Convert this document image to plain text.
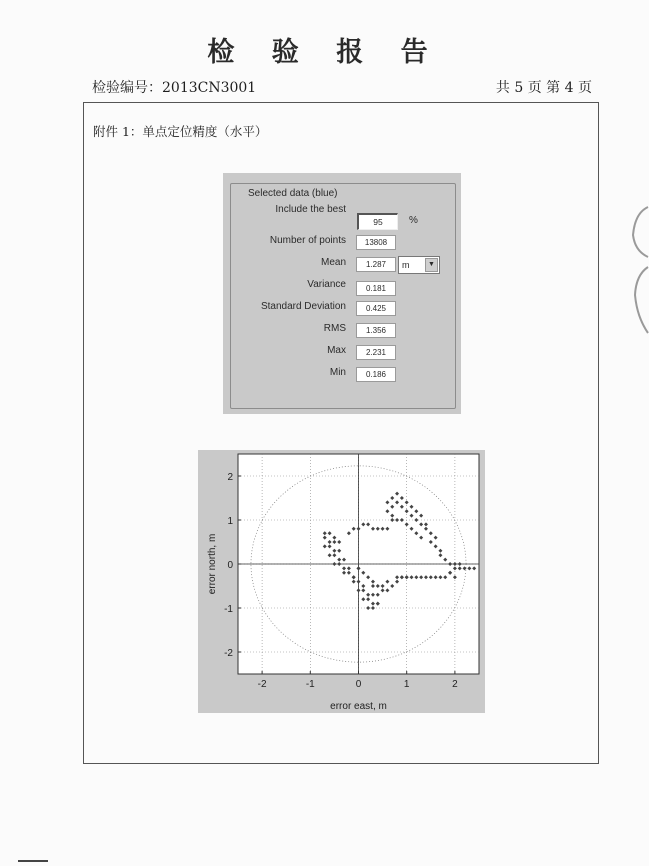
检 验 报 告
检验编号：2013CN3001	共 5 页 第 4 页
附件 1：单点定位精度（水平）
Selected data (blue)
Include the best
95	%
Number of points	13808
Mean	1.287	m	▼
Variance	0.181
Standard Deviation	0.425
RMS	1.356
Max	2.231
Min	0.186
-2	-1	0	1	2
-2
-1
0
1
2
error east, m
error north, m
